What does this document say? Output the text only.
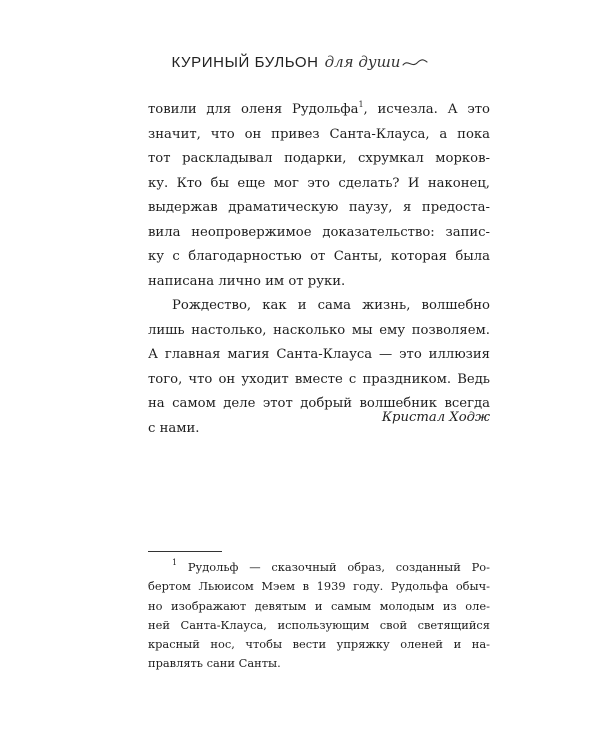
КУРИНЫЙ БУЛЬОН для души
товили для оленя Рудольфа$^1$, исчезла. А это
значит, что он привез Санта-Клауса, а пока
тот раскладывал подарки, схрумкал морков-
ку. Кто бы еще мог это сделать? И наконец,
выдержав драматическую паузу, я предоста-
вила неопровержимое доказательство: запис-
ку с благодарностью от Санты, которая была
написана лично им от руки.
Рождество, как и сама жизнь, волшебно
лишь настолько, насколько мы ему позволяем.
А главная магия Санта-Клауса — это иллюзия
того, что он уходит вместе с праздником. Ведь
на самом деле этот добрый волшебник всегда
с нами.
Кристал Ходж
$^1$ Рудольф — сказочный образ, созданный Ро-
бертом Льюисом Мэем в 1939 году. Рудольфа обыч-
но изображают девятым и самым молодым из оле-
ней Санта-Клауса, использующим свой светящийся
красный нос, чтобы вести упряжку оленей и на-
правлять сани Санты.
